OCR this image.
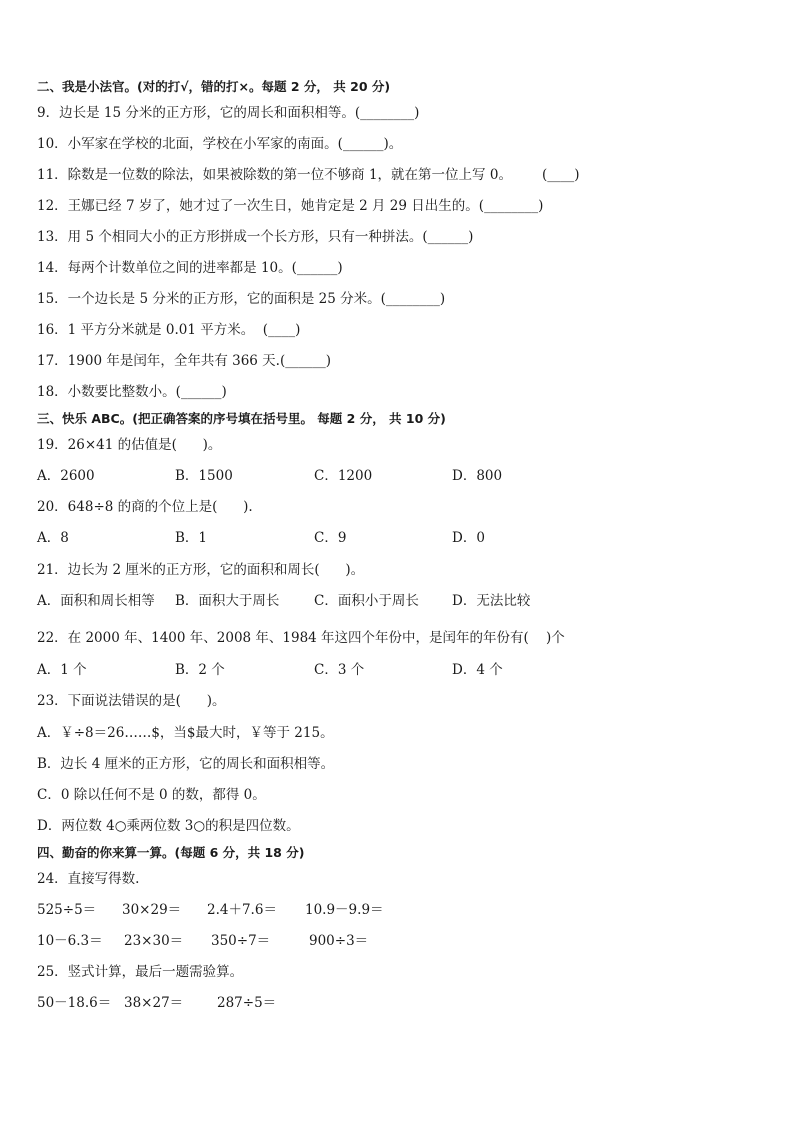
二、我是小法官。(对的打√，错的打×。每题 2 分， 共 20 分)
9．边长是 15 分米的正方形，它的周长和面积相等。(________)
10．小军家在学校的北面，学校在小军家的南面。(______)。
11．除数是一位数的除法，如果被除数的第一位不够商 1，就在第一位上写 0。       (____)
12．王娜已经 7 岁了，她才过了一次生日，她肯定是 2 月 29 日出生的。(________)
13．用 5 个相同大小的正方形拼成一个长方形，只有一种拼法。(______)
14．每两个计数单位之间的进率都是 10。(______)
15．一个边长是 5 分米的正方形，它的面积是 25 分米。(________)
16．1 平方分米就是 0.01 平方米。  (____)
17．1900 年是闰年，全年共有 366 天.(______)
18．小数要比整数小。(______)
三、快乐 ABC。(把正确答案的序号填在括号里。 每题 2 分， 共 10 分)
19．26×41 的估值是(      )。
A．2600	B．1500	C．1200	D．800
20．648÷8 的商的个位上是(      ).
A．8	B．1	C．9	D．0
21．边长为 2 厘米的正方形，它的面积和周长(      )。
A．面积和周长相等 B．面积大于周长	C．面积小于周长 D．无法比较
22．在 2000 年、1400 年、2008 年、1984 年这四个年份中，是闰年的年份有(    )个
A．1 个	B．2 个	C．3 个	D．4 个
23．下面说法错误的是(      )。
A．￥÷8＝26……$，当$最大时，￥等于 215。
B．边长 4 厘米的正方形，它的周长和面积相等。
C．0 除以任何不是 0 的数，都得 0。
D．两位数 4○乘两位数 3○的积是四位数。
四、勤奋的你来算一算。(每题 6 分，共 18 分)
24．直接写得数.
525÷5＝ 30×29＝ 2.4＋7.6＝ 10.9－9.9＝
10－6.3＝ 23×30＝ 350÷7＝	900÷3＝
25．竖式计算，最后一题需验算。
50－18.6＝ 38×27＝	287÷5＝
